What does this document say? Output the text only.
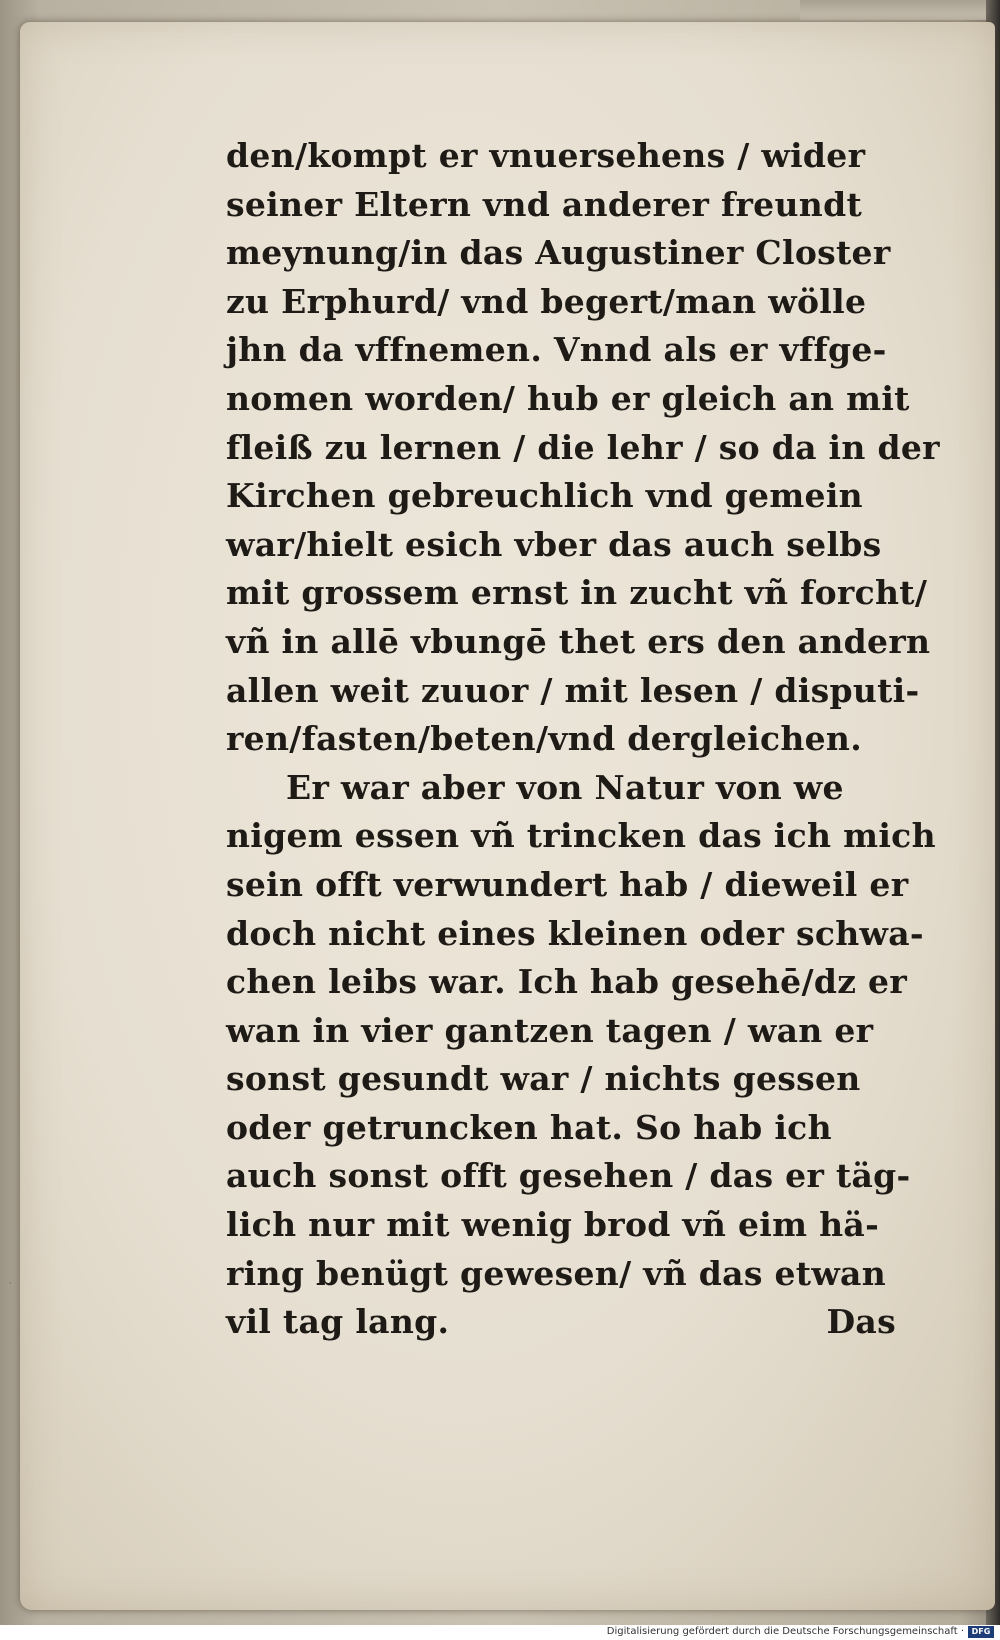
·
den/kompt er vnuersehens / wider
seiner Eltern vnd anderer freundt
meynung/in das Augustiner Closter
zu Erphurd/ vnd begert/man wölle
jhn da vffnemen. Vnnd als er vffge-
nomen worden/ hub er gleich an mit
fleiß zu lernen / die lehr / so da in der
Kirchen gebreuchlich vnd gemein
war/hielt esich vber das auch selbs
mit grossem ernst in zucht vñ forcht/
vñ in allē vbungē thet ers den andern
allen weit zuuor / mit lesen / disputi-
ren/fasten/beten/vnd dergleichen.
Er war aber von Natur von we
nigem essen vñ trincken das ich mich
sein offt verwundert hab / dieweil er
doch nicht eines kleinen oder schwa-
chen leibs war. Ich hab gesehē/dz er
wan in vier gantzen tagen / wan er
sonst gesundt war / nichts gessen
oder getruncken hat. So hab ich
auch sonst offt gesehen / das er täg-
lich nur mit wenig brod vñ eim hä-
ring benügt gewesen/ vñ das etwan
vil tag lang.	Das
Digitalisierung gefördert durch die Deutsche Forschungsgemeinschaft · DFG
